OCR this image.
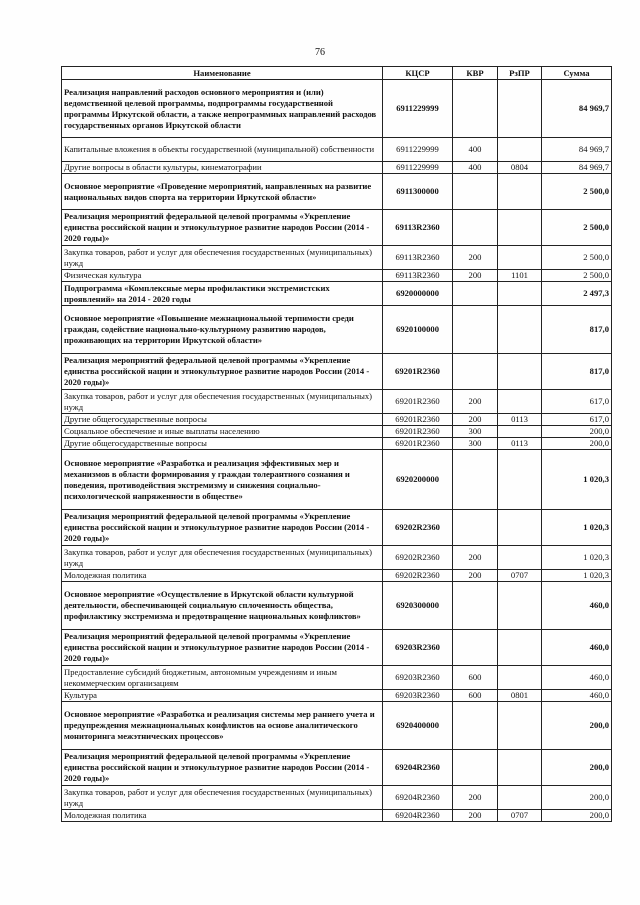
76
Наименование	КЦСР	КВР	РзПР	Сумма
Реализация направлений расходов основного мероприятия и (или) ведомственной целевой программы, подпрограммы государственной программы Иркутской области, а также непрограммных направлений расходов государственных органов Иркутской области	6911229999			84 969,7
Капитальные вложения в объекты государственной (муниципальной) собственности	6911229999	400		84 969,7
Другие вопросы в области культуры, кинематографии	6911229999	400	0804	84 969,7
Основное мероприятие «Проведение мероприятий, направленных на развитие национальных видов спорта на территории Иркутской области»	6911300000			2 500,0
Реализация мероприятий федеральной целевой программы «Укрепление единства российской нации и этнокультурное развитие народов России (2014 - 2020 годы)»	69113R2360			2 500,0
Закупка товаров, работ и услуг для обеспечения государственных (муниципальных) нужд	69113R2360	200		2 500,0
Физическая культура	69113R2360	200	1101	2 500,0
Подпрограмма «Комплексные меры профилактики экстремистских проявлений» на 2014 - 2020 годы	6920000000			2 497,3
Основное мероприятие «Повышение межнациональной терпимости среди граждан, содействие национально-культурному развитию народов, проживающих на территории Иркутской области»	6920100000			817,0
Реализация мероприятий федеральной целевой программы «Укрепление единства российской нации и этнокультурное развитие народов России (2014 - 2020 годы)»	69201R2360			817,0
Закупка товаров, работ и услуг для обеспечения государственных (муниципальных) нужд	69201R2360	200		617,0
Другие общегосударственные вопросы	69201R2360	200	0113	617,0
Социальное обеспечение и иные выплаты населению	69201R2360	300		200,0
Другие общегосударственные вопросы	69201R2360	300	0113	200,0
Основное мероприятие «Разработка и реализация эффективных мер и механизмов в области формирования у граждан толерантного сознания и поведения, противодействия экстремизму и снижения социально-психологической напряженности в обществе»	6920200000			1 020,3
Реализация мероприятий федеральной целевой программы «Укрепление единства российской нации и этнокультурное развитие народов России (2014 - 2020 годы)»	69202R2360			1 020,3
Закупка товаров, работ и услуг для обеспечения государственных (муниципальных) нужд	69202R2360	200		1 020,3
Молодежная политика	69202R2360	200	0707	1 020,3
Основное мероприятие «Осуществление в Иркутской области культурной деятельности, обеспечивающей социальную сплоченность общества, профилактику экстремизма и предотвращение национальных конфликтов»	6920300000			460,0
Реализация мероприятий федеральной целевой программы «Укрепление единства российской нации и этнокультурное развитие народов России (2014 - 2020 годы)»	69203R2360			460,0
Предоставление субсидий бюджетным, автономным учреждениям и иным некоммерческим организациям	69203R2360	600		460,0
Культура	69203R2360	600	0801	460,0
Основное мероприятие «Разработка и реализация системы мер раннего учета и предупреждения межнациональных конфликтов на основе аналитического мониторинга межэтнических процессов»	6920400000			200,0
Реализация мероприятий федеральной целевой программы «Укрепление единства российской нации и этнокультурное развитие народов России (2014 - 2020 годы)»	69204R2360			200,0
Закупка товаров, работ и услуг для обеспечения государственных (муниципальных) нужд	69204R2360	200		200,0
Молодежная политика	69204R2360	200	0707	200,0
